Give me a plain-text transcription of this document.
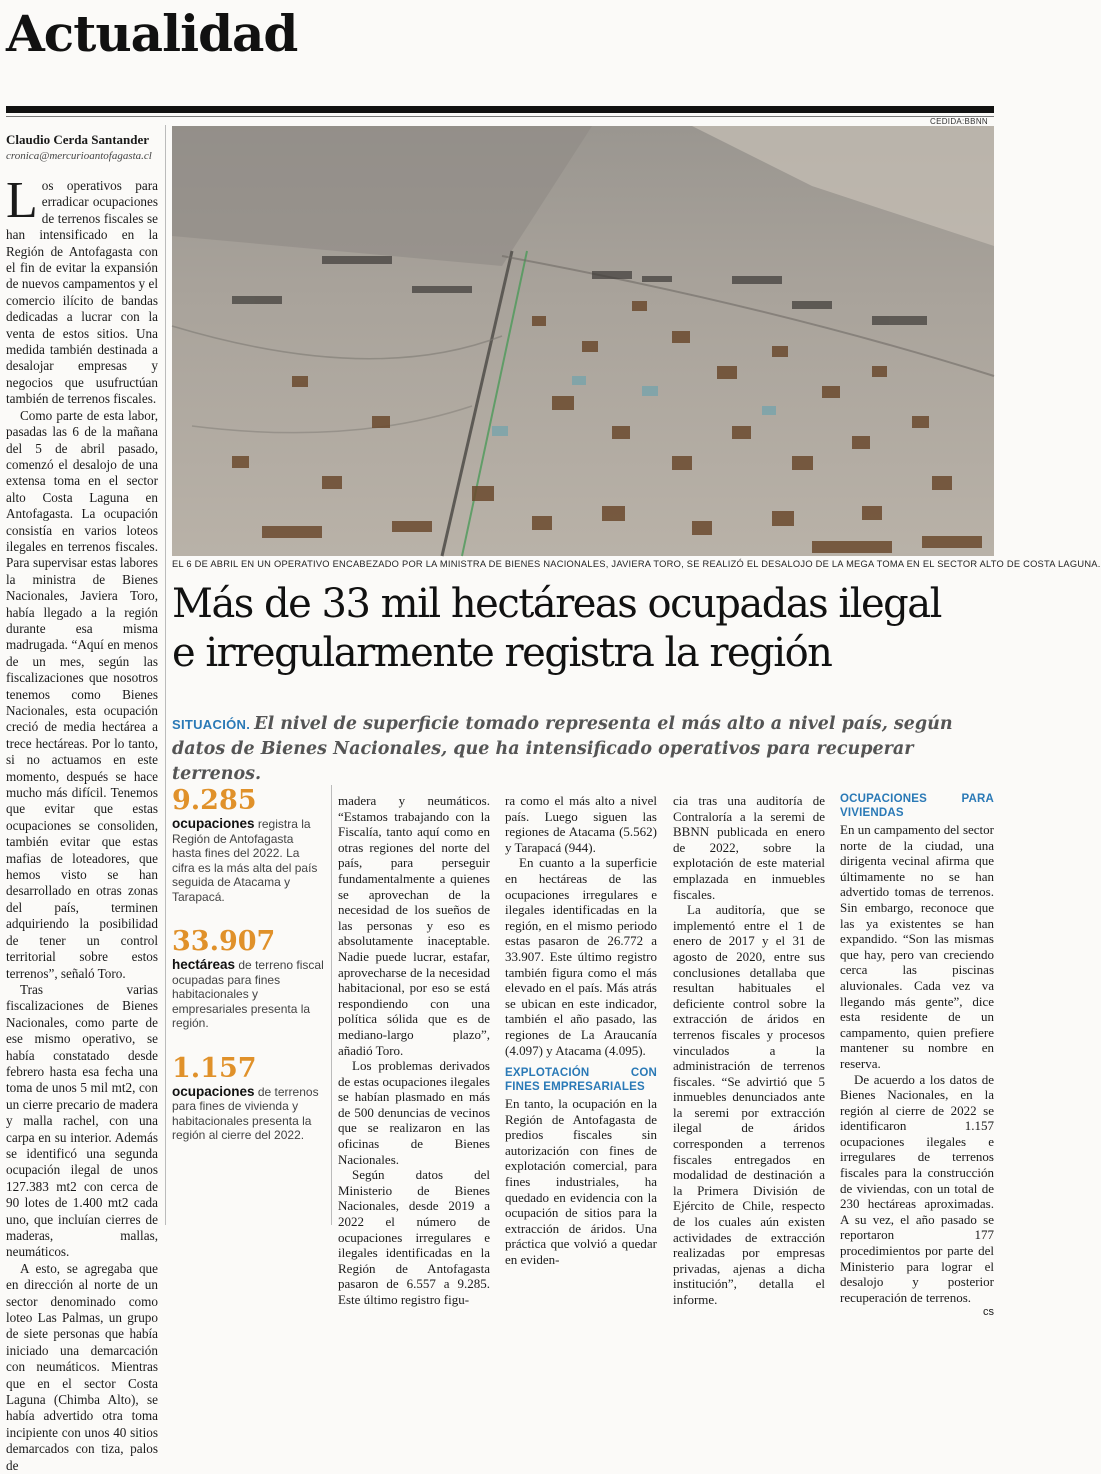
Actualidad
Claudio Cerda Santander
cronica@mercurioantofagasta.cl

Los operativos para erradicar ocupaciones de terrenos fiscales se han intensificado en la Región de Antofagasta con el fin de evitar la expansión de nuevos campamentos y el comercio ilícito de bandas dedicadas a lucrar con la venta de estos sitios. Una medida también destinada a desalojar empresas y negocios que usufructúan también de terrenos fiscales.

Como parte de esta labor, pasadas las 6 de la mañana del 5 de abril pasado, comenzó el desalojo de una extensa toma en el sector alto Costa Laguna en Antofagasta. La ocupación consistía en varios loteos ilegales en terrenos fiscales. Para supervisar estas labores la ministra de Bienes Nacionales, Javiera Toro, había llegado a la región durante esa misma madrugada. “Aquí en menos de un mes, según las fiscalizaciones que nosotros tenemos como Bienes Nacionales, esta ocupación creció de media hectárea a trece hectáreas. Por lo tanto, si no actuamos en este momento, después se hace mucho más difícil. Tenemos que evitar que estas ocupaciones se consoliden, también evitar que estas mafias de loteadores, que hemos visto se han desarrollado en otras zonas del país, terminen adquiriendo la posibilidad de tener un control territorial sobre estos terrenos”, señaló Toro.

Tras varias fiscalizaciones de Bienes Nacionales, como parte de ese mismo operativo, se había constatado desde febrero hasta esa fecha una toma de unos 5 mil mt2, con un cierre precario de madera y malla rachel, con una carpa en su interior. Además se identificó una segunda ocupación ilegal de unos 127.383 mt2 con cerca de 90 lotes de 1.400 mt2 cada uno, que incluían cierres de maderas, mallas, neumáticos.

A esto, se agregaba que en dirección al norte de un sector denominado como loteo Las Palmas, un grupo de siete personas que había iniciado una demarcación con neumáticos. Mientras que en el sector Costa Laguna (Chimba Alto), se había advertido otra toma incipiente con unos 40 sitios demarcados con tiza, palos de

CEDIDA:BBNN
EL 6 DE ABRIL EN UN OPERATIVO ENCABEZADO POR LA MINISTRA DE BIENES NACIONALES, JAVIERA TORO, SE REALIZÓ EL DESALOJO DE LA MEGA TOMA EN EL SECTOR ALTO DE COSTA LAGUNA.
Más de 33 mil hectáreas ocupadas ilegal
e irregularmente registra la región
SITUACIÓN. El nivel de superficie tomado representa el más alto a nivel país, según datos de Bienes Nacionales, que ha intensificado operativos para recuperar terrenos.
9.285
ocupaciones registra la Región de Antofagasta hasta fines del 2022. La cifra es la más alta del país seguida de Atacama y Tarapacá.
33.907
hectáreas de terreno fiscal ocupadas para fines habitacionales y empresariales presenta la región.
1.157
ocupaciones de terrenos para fines de vivienda y habitacionales presenta la región al cierre del 2022.

madera y neumáticos. “Estamos trabajando con la Fiscalía, tanto aquí como en otras regiones del norte del país, para perseguir fundamentalmente a quienes se aprovechan de la necesidad de los sueños de las personas y eso es absolutamente inaceptable. Nadie puede lucrar, estafar, aprovecharse de la necesidad habitacional, por eso se está respondiendo con una política sólida que es de mediano-largo plazo”, añadió Toro.

Los problemas derivados de estas ocupaciones ilegales se habían plasmado en más de 500 denuncias de vecinos que se realizaron en las oficinas de Bienes Nacionales.

Según datos del Ministerio de Bienes Nacionales, desde 2019 a 2022 el número de ocupaciones irregulares e ilegales identificadas en la Región de Antofagasta pasaron de 6.557 a 9.285. Este último registro figu-

ra como el más alto a nivel país. Luego siguen las regiones de Atacama (5.562) y Tarapacá (944).

En cuanto a la superficie en hectáreas de las ocupaciones irregulares e ilegales identificadas en la región, en el mismo periodo estas pasaron de 26.772 a 33.907. Este último registro también figura como el más elevado en el país. Más atrás se ubican en este indicador, también el año pasado, las regiones de La Araucanía (4.097) y Atacama (4.095).

EXPLOTACIÓN CON FINES EMPRESARIALES

En tanto, la ocupación en la Región de Antofagasta de predios fiscales sin autorización con fines de explotación comercial, para fines industriales, ha quedado en evidencia con la ocupación de sitios para la extracción de áridos. Una práctica que volvió a quedar en eviden-

cia tras una auditoría de Contraloría a la seremi de BBNN publicada en enero de 2022, sobre la explotación de este material emplazada en inmuebles fiscales.

La auditoría, que se implementó entre el 1 de enero de 2017 y el 31 de agosto de 2020, entre sus conclusiones detallaba que resultan habituales el deficiente control sobre la extracción de áridos en terrenos fiscales y procesos vinculados a la administración de terrenos fiscales. “Se advirtió que 5 inmuebles denunciados ante la seremi por extracción ilegal de áridos corresponden a terrenos fiscales entregados en modalidad de destinación a la Primera División de Ejército de Chile, respecto de los cuales aún existen actividades de extracción realizadas por empresas privadas, ajenas a dicha institución”, detalla el informe.

OCUPACIONES PARA VIVIENDAS

En un campamento del sector norte de la ciudad, una dirigenta vecinal afirma que últimamente no se han advertido tomas de terrenos. Sin embargo, reconoce que las ya existentes se han expandido. “Son las mismas que hay, pero van creciendo cerca las piscinas aluvionales. Cada vez va llegando más gente”, dice esta residente de un campamento, quien prefiere mantener su nombre en reserva.

De acuerdo a los datos de Bienes Nacionales, en la región al cierre de 2022 se identificaron 1.157 ocupaciones ilegales e irregulares de terrenos fiscales para la construcción de viviendas, con un total de 230 hectáreas aproximadas. A su vez, el año pasado se reportaron 177 procedimientos por parte del Ministerio para lograr el desalojo y posterior recuperación de terrenos.

cs
